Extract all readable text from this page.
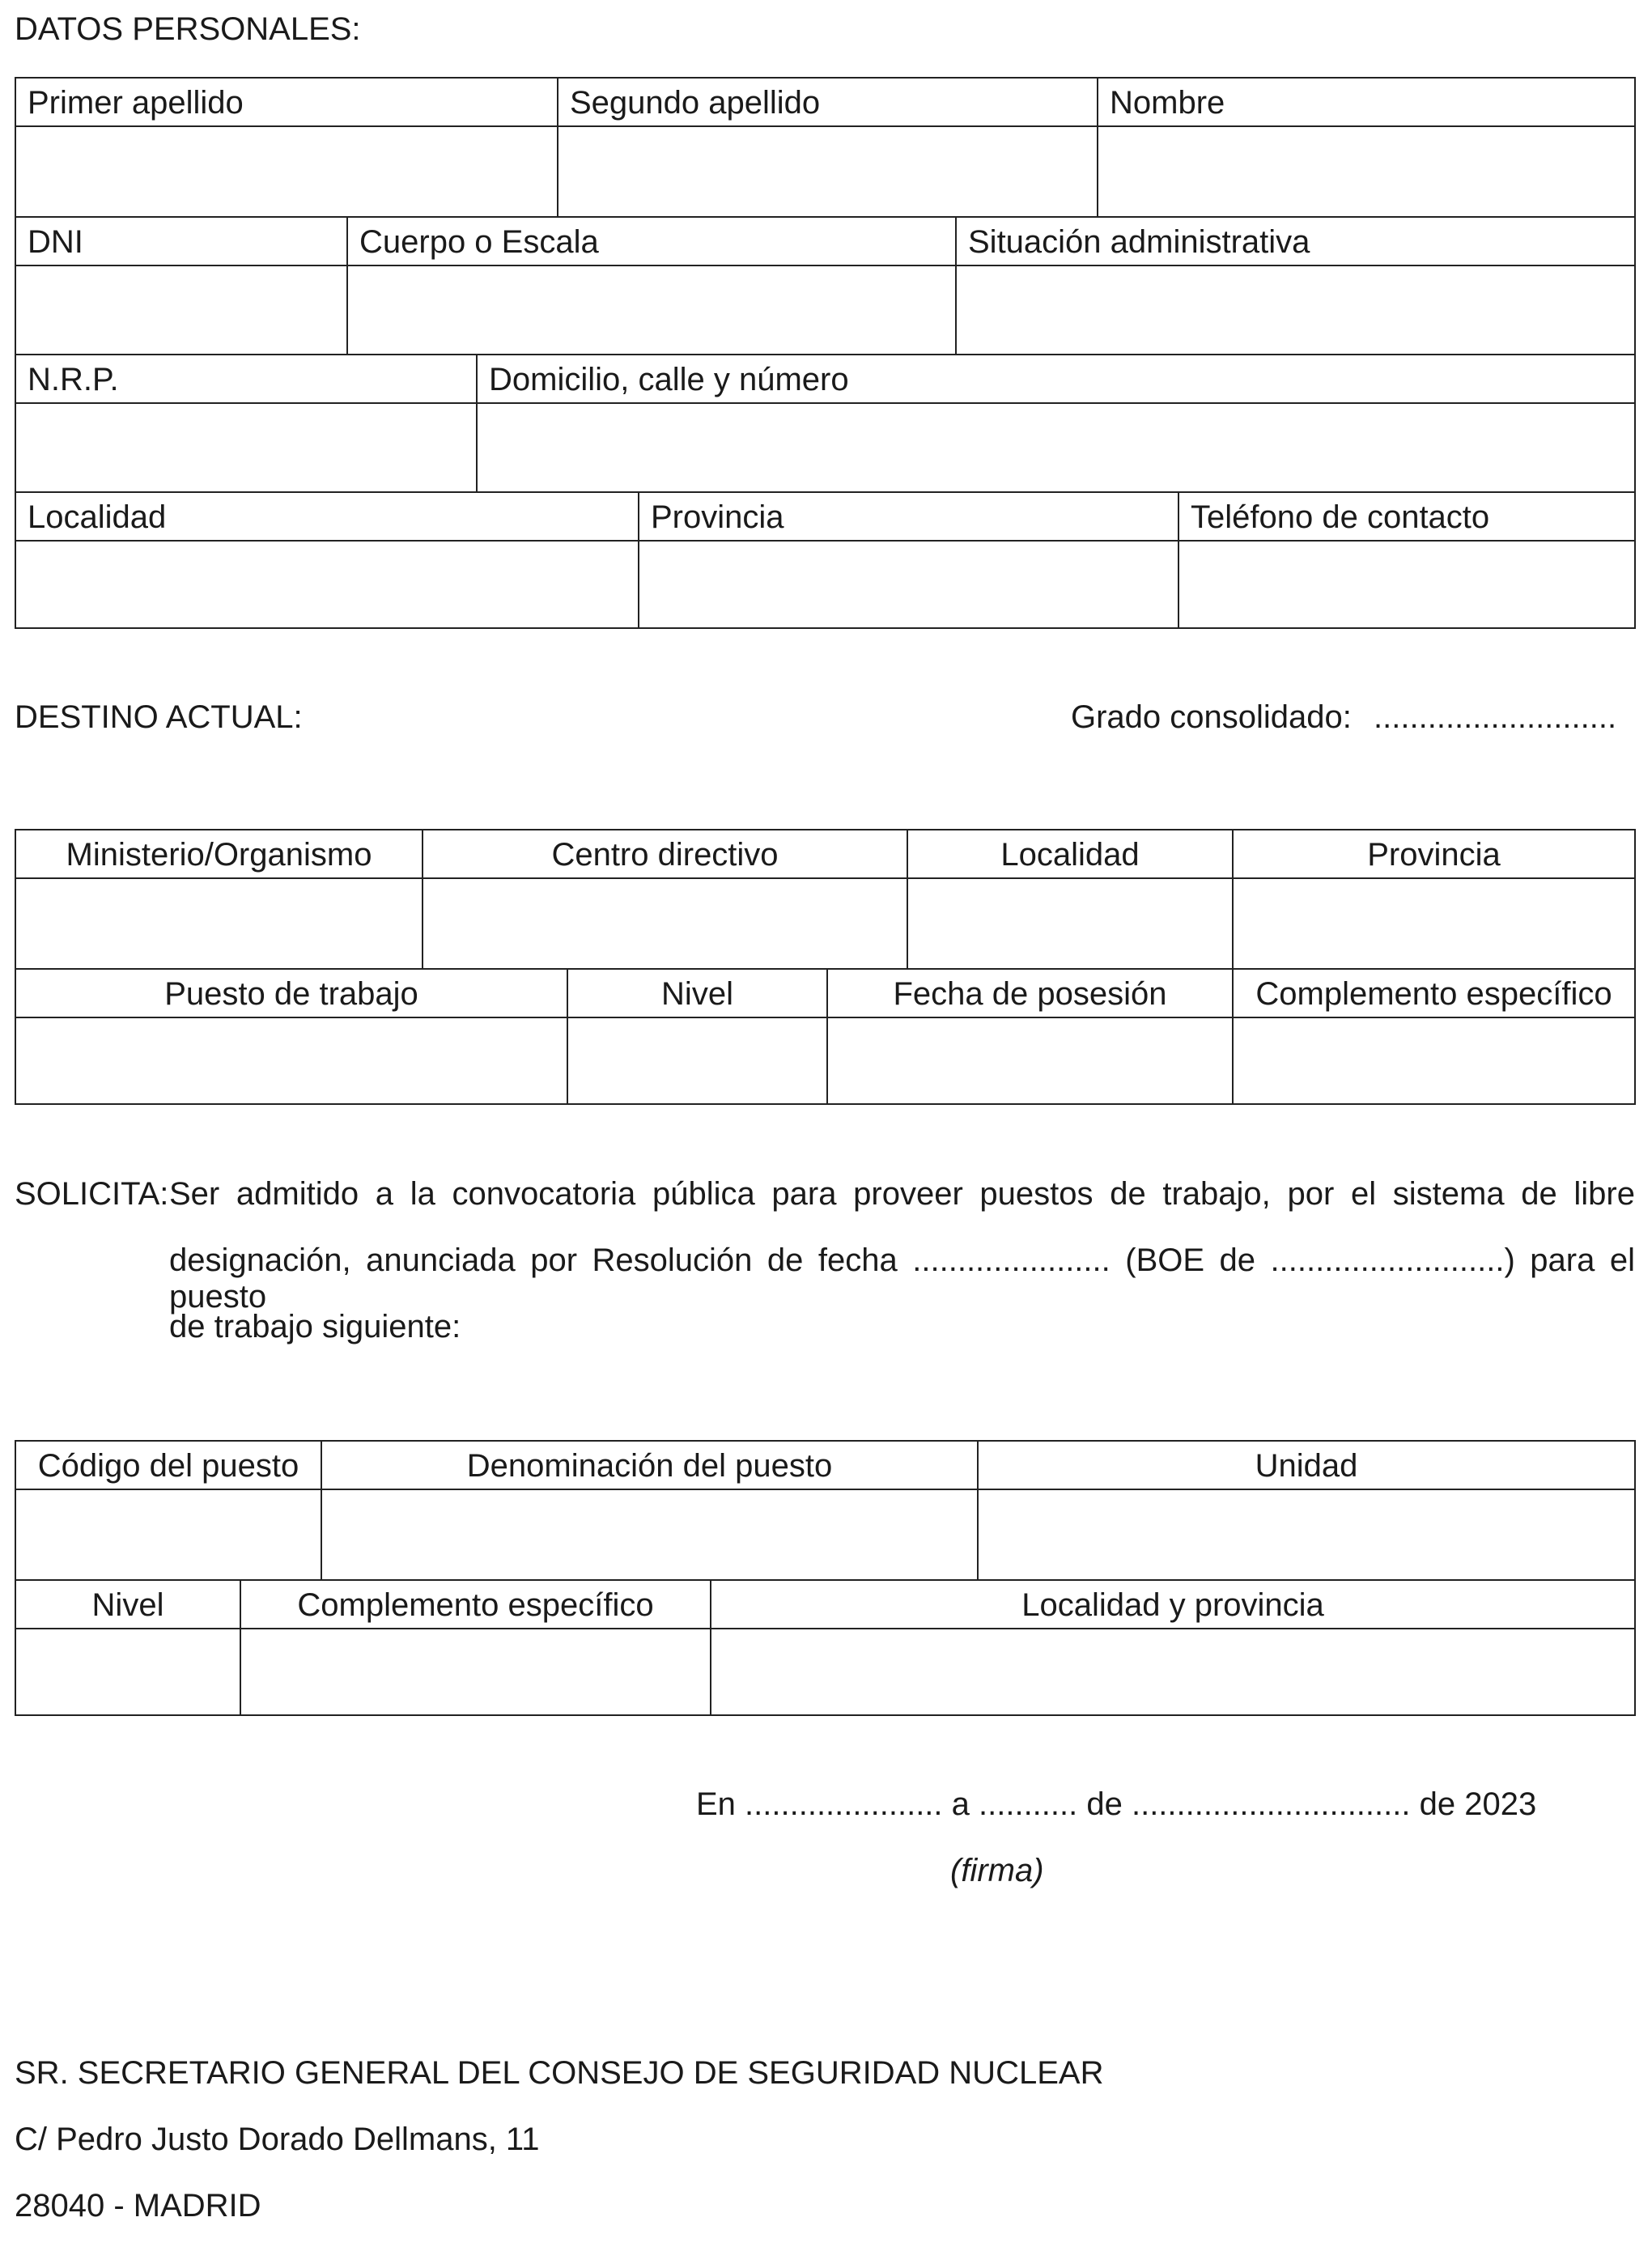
DATOS PERSONALES:
Primer apellido	Segundo apellido	Nombre
DNI	Cuerpo o Escala	Situación administrativa
N.R.P.	Domicilio, calle y número
Localidad	Provincia	Teléfono de contacto
DESTINO ACTUAL:	Grado consolidado: ...........................
Ministerio/Organismo	Centro directivo	Localidad	Provincia
Puesto de trabajo	Nivel	Fecha de posesión	Complemento específico
SOLICITA: Ser admitido a la convocatoria pública para proveer puestos de trabajo, por el sistema de libre
designación, anunciada por Resolución de fecha ...................... (BOE de ..........................) para el puesto
de trabajo siguiente:
Código del puesto	Denominación del puesto	Unidad
Nivel	Complemento específico	Localidad y provincia
En ...................... a ........... de ............................... de 2023
(firma)
SR. SECRETARIO GENERAL DEL CONSEJO DE SEGURIDAD NUCLEAR
C/ Pedro Justo Dorado Dellmans, 11
28040 - MADRID
